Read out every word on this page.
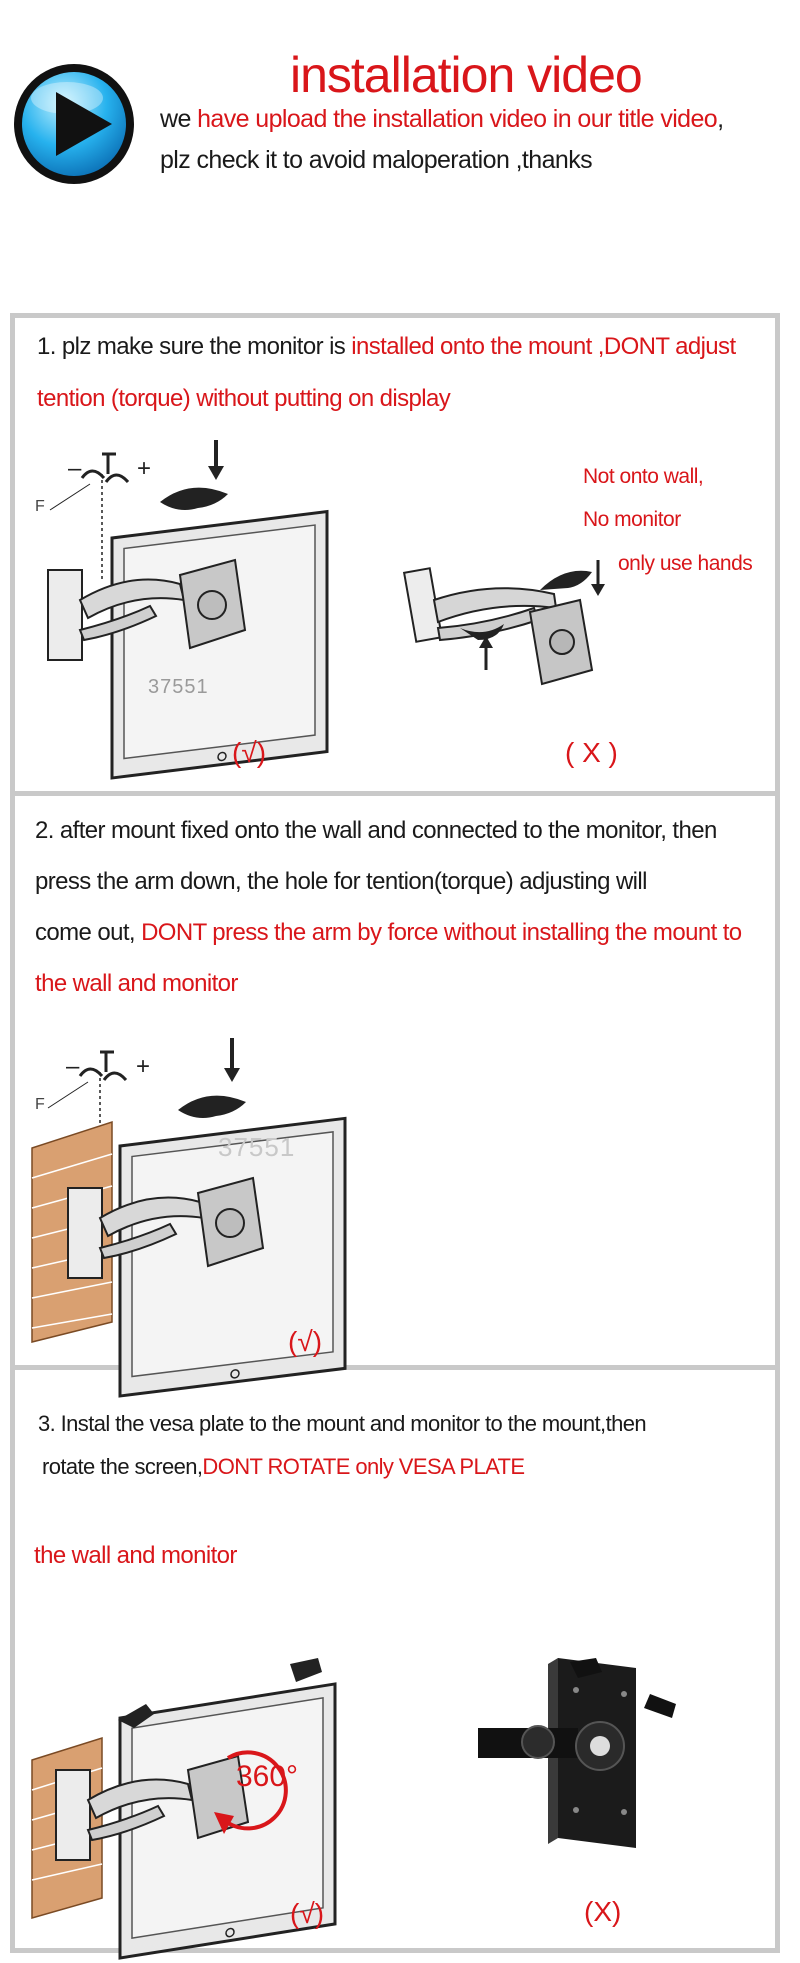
installation video
we have upload the installation video in our title video,
plz check it to avoid maloperation ,thanks
1. plz make sure the monitor is installed onto the mount ,DONT adjust
tention (torque) without putting on display
– +
F
37551
(√)
Not onto wall,
No monitor
only use hands
( X )
2. after mount fixed onto the wall and connected to the monitor, then
press the arm down, the hole for tention(torque) adjusting will
come out, DONT press the arm by force without installing the mount to
the wall and monitor
– +
F
37551
(√)
3. Instal the vesa plate to the mount and monitor to the mount,then
rotate the screen,DONT ROTATE only VESA PLATE
the wall and monitor
360°
(√)	(X)
